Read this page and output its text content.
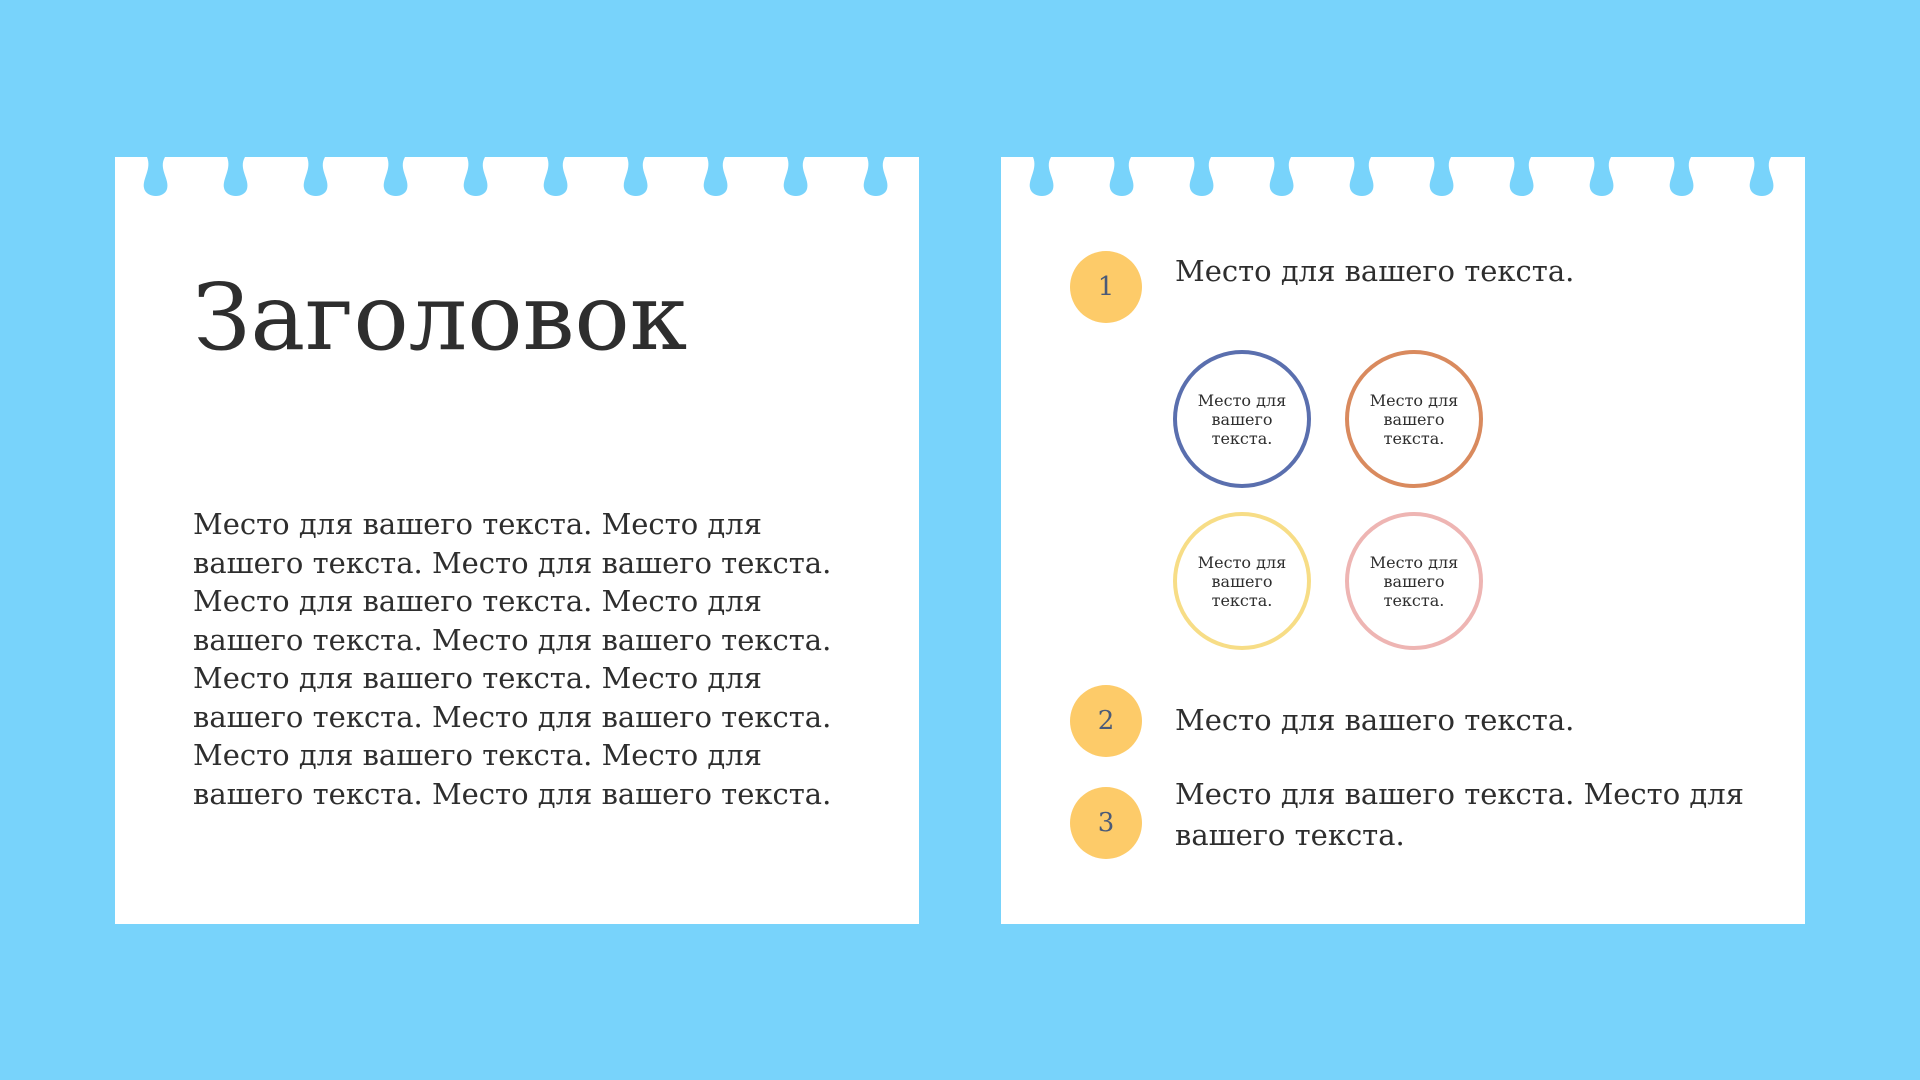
Заголовок

Место для вашего текста. Место для вашего текста. Место для вашего текста. Место для вашего текста. Место для вашего текста. Место для вашего текста. Место для вашего текста. Место для вашего текста. Место для вашего текста. Место для вашего текста. Место для вашего текста. Место для вашего текста.

1	Место для вашего текста.

Место для вашего текста.
Место для вашего текста.
Место для вашего текста.
Место для вашего текста.
2	Место для вашего текста.

3

Место для вашего текста. Место для вашего текста.
